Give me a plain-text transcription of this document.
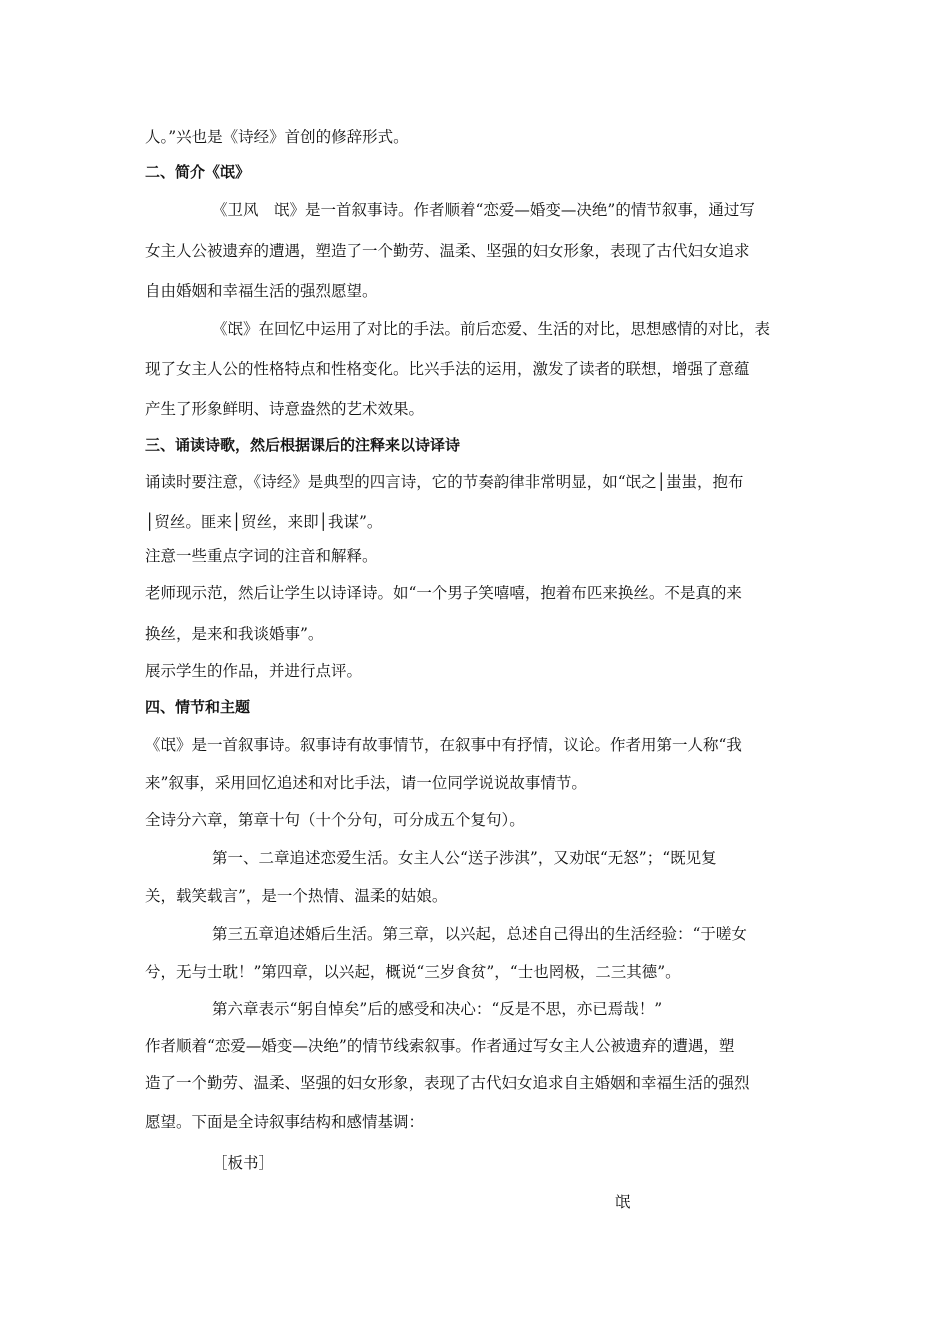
人。”兴也是《诗经》首创的修辞形式。
二、简介《氓》
《卫风　氓》是一首叙事诗。作者顺着“恋爱—婚变—决绝”的情节叙事，通过写
女主人公被遗弃的遭遇，塑造了一个勤劳、温柔、坚强的妇女形象，表现了古代妇女追求
自由婚姻和幸福生活的强烈愿望。
《氓》在回忆中运用了对比的手法。前后恋爱、生活的对比，思想感情的对比，表
现了女主人公的性格特点和性格变化。比兴手法的运用，激发了读者的联想，增强了意蕴
产生了形象鲜明、诗意盎然的艺术效果。
三、诵读诗歌，然后根据课后的注释来以诗译诗
诵读时要注意，《诗经》是典型的四言诗，它的节奏韵律非常明显，如“氓之│蚩蚩，抱布
│贸丝。匪来│贸丝，来即│我谋”。
注意一些重点字词的注音和解释。
老师现示范，然后让学生以诗译诗。如“一个男子笑嘻嘻，抱着布匹来换丝。不是真的来
换丝，是来和我谈婚事”。
展示学生的作品，并进行点评。
四、情节和主题
《氓》是一首叙事诗。叙事诗有故事情节，在叙事中有抒情，议论。作者用第一人称“我
来”叙事，采用回忆追述和对比手法，请一位同学说说故事情节。
全诗分六章，第章十句（十个分句，可分成五个复句）。
第一、二章追述恋爱生活。女主人公“送子涉淇”，又劝氓“无怒”；“既见复
关，载笑载言”，是一个热情、温柔的姑娘。
第三五章追述婚后生活。第三章，以兴起，总述自己得出的生活经验：“于嗟女
兮，无与士耽！”第四章，以兴起，概说“三岁食贫”，“士也罔极，二三其德”。
第六章表示“躬自悼矣”后的感受和决心：“反是不思，亦已焉哉！”
作者顺着“恋爱—婚变—决绝”的情节线索叙事。作者通过写女主人公被遗弃的遭遇，塑
造了一个勤劳、温柔、坚强的妇女形象，表现了古代妇女追求自主婚姻和幸福生活的强烈
愿望。下面是全诗叙事结构和感情基调：
［板书］
氓
